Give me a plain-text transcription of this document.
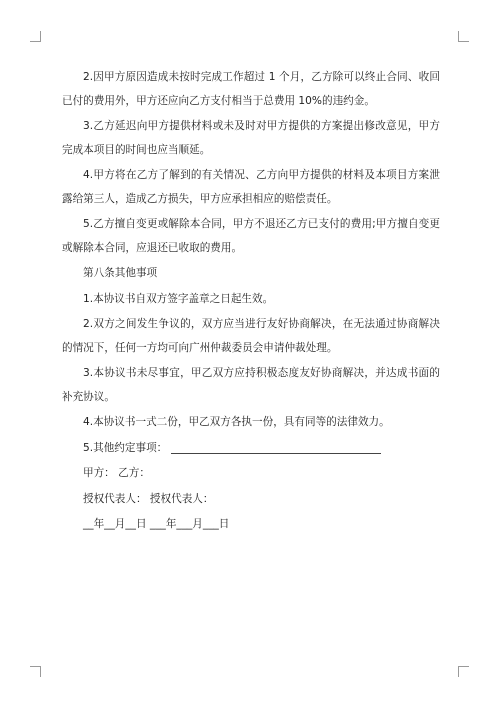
2.因甲方原因造成未按时完成工作超过 1 个月，乙方除可以终止合同、收回已付的费用外，甲方还应向乙方支付相当于总费用 10%的违约金。

3.乙方延迟向甲方提供材料或未及时对甲方提供的方案提出修改意见，甲方完成本项目的时间也应当顺延。

4.甲方将在乙方了解到的有关情况、乙方向甲方提供的材料及本项目方案泄露给第三人，造成乙方损失，甲方应承担相应的赔偿责任。

5.乙方擅自变更或解除本合同，甲方不退还乙方已支付的费用;甲方擅自变更或解除本合同，应退还已收取的费用。

第八条其他事项

1.本协议书自双方签字盖章之日起生效。

2.双方之间发生争议的，双方应当进行友好协商解决，在无法通过协商解决的情况下，任何一方均可向广州仲裁委员会申请仲裁处理。

3.本协议书未尽事宜，甲乙双方应持积极态度友好协商解决，并达成书面的补充协议。

4.本协议书一式二份，甲乙双方各执一份，具有同等的法律效力。

5.其他约定事项：

甲方： 乙方：

授权代表人： 授权代表人：

__年__月__日 ___年___月___日
